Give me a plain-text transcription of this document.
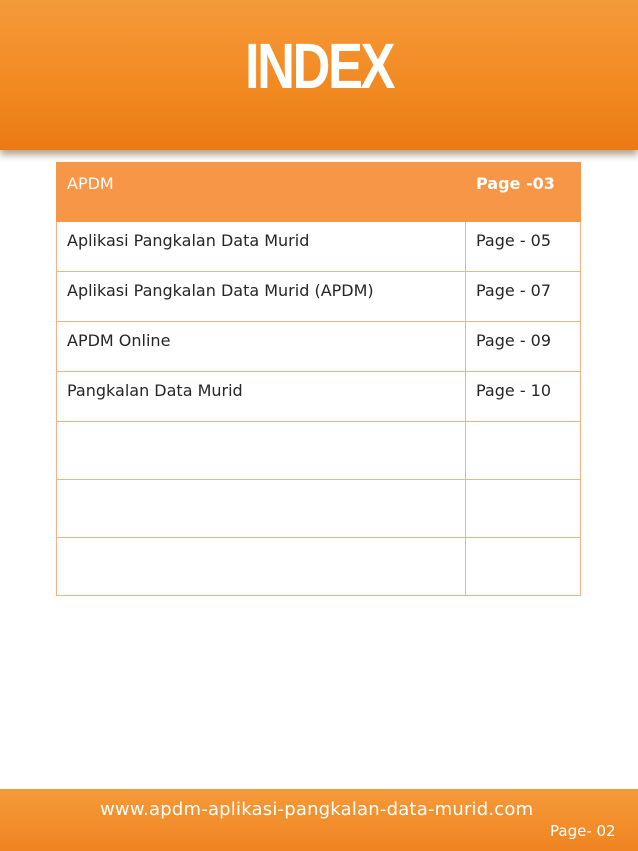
INDEX
APDM	Page -03
Aplikasi Pangkalan Data Murid	Page - 05
Aplikasi Pangkalan Data Murid (APDM)	Page - 07
APDM Online	Page - 09
Pangkalan Data Murid	Page - 10

www.apdm-aplikasi-pangkalan-data-murid.com
Page- 02
